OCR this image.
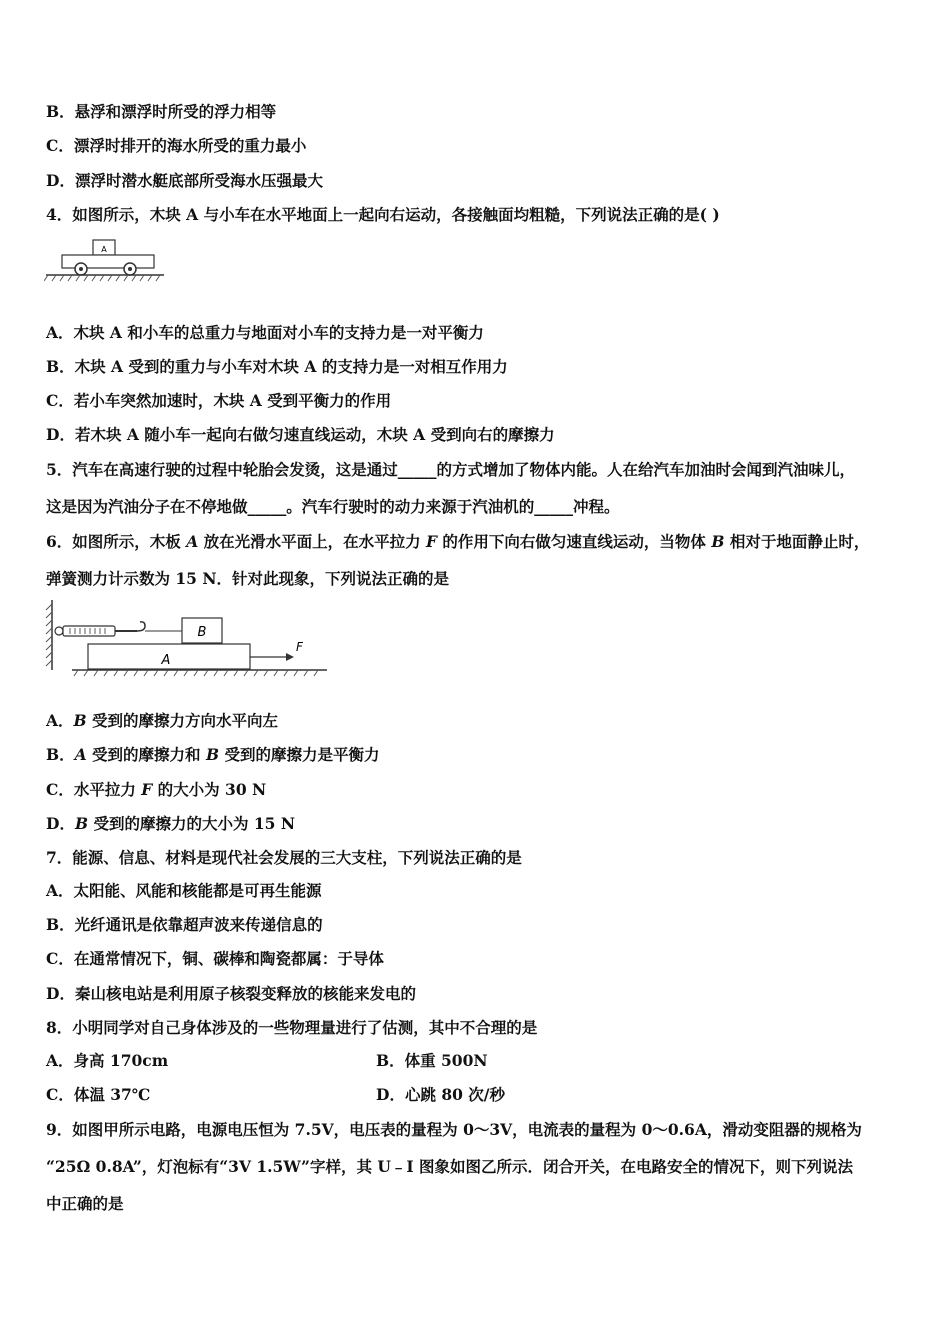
B．悬浮和漂浮时所受的浮力相等
C．漂浮时排开的海水所受的重力最小
D．漂浮时潜水艇底部所受海水压强最大
4．如图所示，木块 A 与小车在水平地面上一起向右运动，各接触面均粗糙，下列说法正确的是( )
A
A．木块 A 和小车的总重力与地面对小车的支持力是一对平衡力
B．木块 A 受到的重力与小车对木块 A 的支持力是一对相互作用力
C．若小车突然加速时，木块 A 受到平衡力的作用
D．若木块 A 随小车一起向右做匀速直线运动，木块 A 受到向右的摩擦力
5．汽车在高速行驶的过程中轮胎会发烫，这是通过_____的方式增加了物体内能。人在给汽车加油时会闻到汽油味儿，
这是因为汽油分子在不停地做_____。汽车行驶时的动力来源于汽油机的_____冲程。
6．如图所示，木板 A 放在光滑水平面上，在水平拉力 F 的作用下向右做匀速直线运动，当物体 B 相对于地面静止时，
弹簧测力计示数为 15 N．针对此现象，下列说法正确的是
B
A
F
A．B 受到的摩擦力方向水平向左
B．A 受到的摩擦力和 B 受到的摩擦力是平衡力
C．水平拉力 F 的大小为 30 N
D．B 受到的摩擦力的大小为 15 N
7．能源、信息、材料是现代社会发展的三大支柱，下列说法正确的是
A．太阳能、风能和核能都是可再生能源
B．光纤通讯是依靠超声波来传递信息的
C．在通常情况下，铜、碳棒和陶瓷都属：于导体
D．秦山核电站是利用原子核裂变释放的核能来发电的
8．小明同学对自己身体涉及的一些物理量进行了估测，其中不合理的是
A．身高 170cm	B．体重 500N
C．体温 37℃	D．心跳 80 次/秒
9．如图甲所示电路，电源电压恒为 7.5V，电压表的量程为 0～3V，电流表的量程为 0～0.6A，滑动变阻器的规格为
“25Ω 0.8A”，灯泡标有“3V 1.5W”字样，其 U﹣I 图象如图乙所示．闭合开关，在电路安全的情况下，则下列说法
中正确的是
